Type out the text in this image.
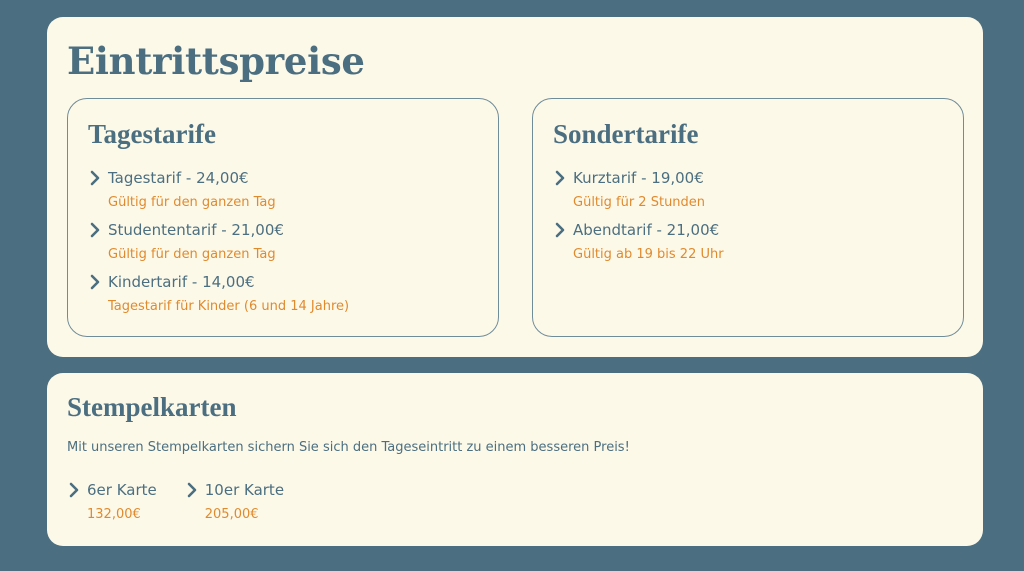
Eintrittspreise
Tagestarife
Tagestarif - 24,00€
Gültig für den ganzen Tag
Studententarif - 21,00€
Gültig für den ganzen Tag
Kindertarif - 14,00€
Tagestarif für Kinder (6 und 14 Jahre)
Sondertarife
Kurztarif - 19,00€
Gültig für 2 Stunden
Abendtarif - 21,00€
Gültig ab 19 bis 22 Uhr
Stempelkarten

Mit unseren Stempelkarten sichern Sie sich den Tageseintritt zu einem besseren Preis!

6er Karte
132,00€
10er Karte
205,00€
